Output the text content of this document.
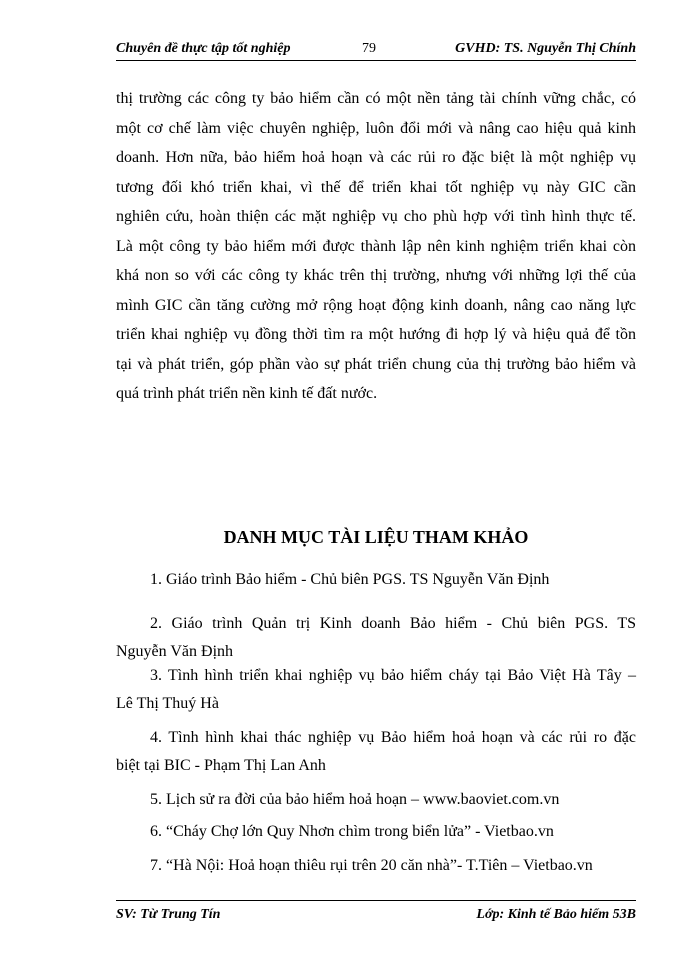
Chuyên đề thực tập tốt nghiệp	79	GVHD: TS. Nguyễn Thị Chính
thị trường các công ty bảo hiểm cần có một nền tảng tài chính vững chắc, có
một cơ chế làm việc chuyên nghiệp, luôn đổi mới và nâng cao hiệu quả kinh
doanh. Hơn nữa, bảo hiểm hoả hoạn và các rủi ro đặc biệt là một nghiệp vụ
tương đối khó triển khai, vì thế để triển khai tốt nghiệp vụ này GIC cần
nghiên cứu, hoàn thiện các mặt nghiệp vụ cho phù hợp với tình hình thực tế.
Là một công ty bảo hiểm mới được thành lập nên kinh nghiệm triển khai còn
khá non so với các công ty khác trên thị trường, nhưng với những lợi thế của
mình GIC cần tăng cường mở rộng hoạt động kinh doanh, nâng cao năng lực
triển khai nghiệp vụ đồng thời tìm ra một hướng đi hợp lý và hiệu quả để tồn
tại và phát triển, góp phần vào sự phát triển chung của thị trường bảo hiểm và
quá trình phát triển nền kinh tế đất nước.
DANH MỤC TÀI LIỆU THAM KHẢO
1. Giáo trình Bảo hiểm - Chủ biên PGS. TS Nguyễn Văn Định
2. Giáo trình Quản trị Kinh doanh Bảo hiểm - Chủ biên PGS. TS
Nguyễn Văn Định
3. Tình hình triển khai nghiệp vụ bảo hiểm cháy tại Bảo Việt Hà Tây –
Lê Thị Thuý Hà
4. Tình hình khai thác nghiệp vụ Bảo hiểm hoả hoạn và các rủi ro đặc
biệt tại BIC - Phạm Thị Lan Anh
5. Lịch sử ra đời của bảo hiểm hoả hoạn – www.baoviet.com.vn
6. “Cháy Chợ lớn Quy Nhơn chìm trong biển lửa” - Vietbao.vn
7. “Hà Nội: Hoả hoạn thiêu rụi trên 20 căn nhà”- T.Tiên – Vietbao.vn
SV: Từ Trung Tín	Lớp: Kinh tế Bảo hiểm 53B
